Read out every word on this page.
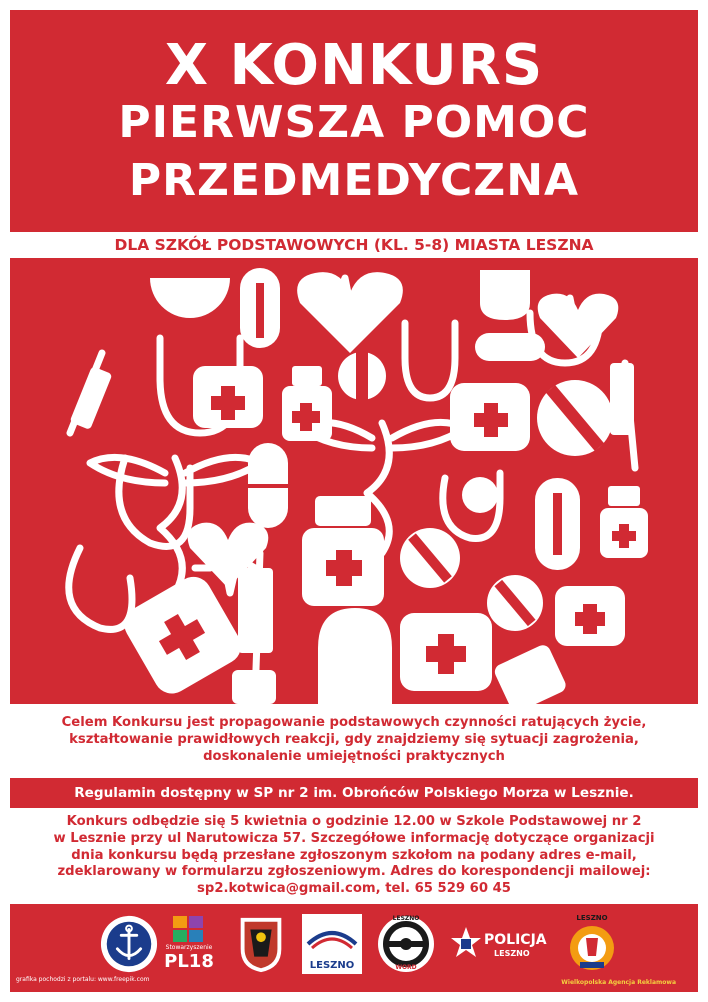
X KONKURS
PIERWSZA POMOC
PRZEDMEDYCZNA
DLA SZKÓŁ PODSTAWOWYCH (KL. 5-8) MIASTA LESZNA
Celem Konkursu jest propagowanie podstawowych czynności ratujących życie,
kształtowanie prawidłowych reakcji, gdy znajdziemy się sytuacji zagrożenia,
doskonalenie umiejętności praktycznych
Regulamin dostępny w SP nr 2 im. Obrońców Polskiego Morza w Lesznie.
Konkurs odbędzie się 5 kwietnia o godzinie 12.00 w Szkole Podstawowej nr 2
w Lesznie przy ul Narutowicza 57. Szczegółowe informację dotyczące organizacji
dnia konkursu będą przesłane zgłoszonym szkołom na podany adres e-mail,
zdeklarowany w formularzu zgłoszeniowym. Adres do korespondencji mailowej:
sp2.kotwica@gmail.com, tel. 65 529 60 45
Stowarzyszenie
PL18	LESZNO
LESZNO
WORD
POLICJA
LESZNO
LESZNO
grafika pochodzi z portalu: www.freepik.com	Wielkopolska Agencja Reklamowa
